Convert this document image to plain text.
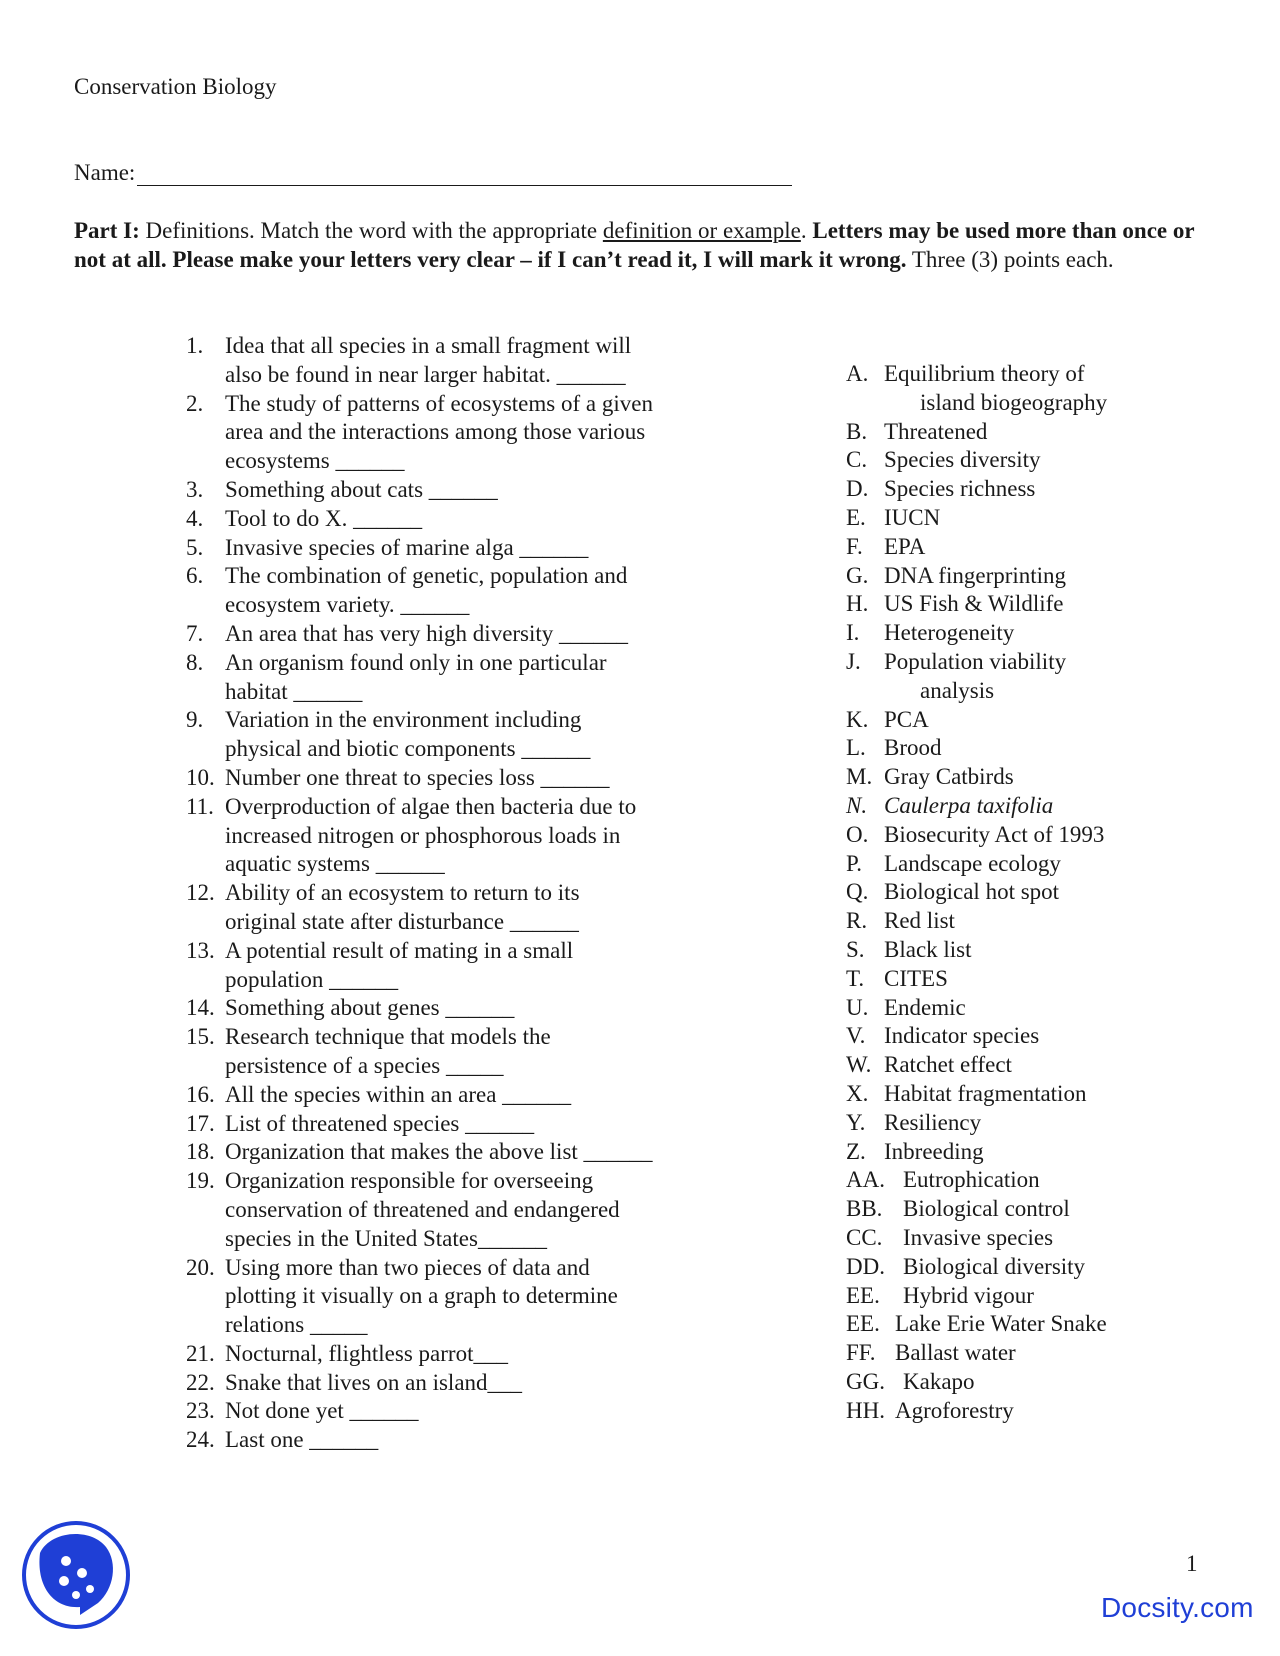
Conservation Biology
Name:
Part I: Definitions. Match the word with the appropriate definition or example. Letters may be used more than once or not at all. Please make your letters very clear – if I can’t read it, I will mark it wrong. Three (3) points each.
1. Idea that all species in a small fragment will
also be found in near larger habitat. ______
2. The study of patterns of ecosystems of a given
area and the interactions among those various
ecosystems ______
3. Something about cats ______
4. Tool to do X. ______
5. Invasive species of marine alga ______
6. The combination of genetic, population and
ecosystem variety. ______
7. An area that has very high diversity ______
8. An organism found only in one particular
habitat ______
9. Variation in the environment including
physical and biotic components ______
10. Number one threat to species loss ______
11. Overproduction of algae then bacteria due to
increased nitrogen or phosphorous loads in
aquatic systems ______
12. Ability of an ecosystem to return to its
original state after disturbance ______
13. A potential result of mating in a small
population ______
14. Something about genes ______
15. Research technique that models the
persistence of a species _____
16. All the species within an area ______
17. List of threatened species ______
18. Organization that makes the above list ______
19. Organization responsible for overseeing
conservation of threatened and endangered
species in the United States______
20. Using more than two pieces of data and
plotting it visually on a graph to determine
relations _____
21. Nocturnal, flightless parrot___
22. Snake that lives on an island___
23. Not done yet ______
24. Last one ______
A. Equilibrium theory of
island biogeography
B. Threatened
C. Species diversity
D. Species richness
E. IUCN
F. EPA
G. DNA fingerprinting
H. US Fish & Wildlife
I.	Heterogeneity
J.	Population viability
analysis
K. PCA
L. Brood
M. Gray Catbirds
N. Caulerpa taxifolia
O. Biosecurity Act of 1993
P. Landscape ecology
Q. Biological hot spot
R. Red list
S. Black list
T. CITES
U. Endemic
V. Indicator species
W. Ratchet effect
X. Habitat fragmentation
Y. Resiliency
Z. Inbreeding
AA. Eutrophication
BB. Biological control
CC. Invasive species
DD. Biological diversity
EE.	Hybrid vigour
EE. Lake Erie Water Snake
FF. Ballast water
GG. Kakapo
HH. Agroforestry
1
Docsity.com
